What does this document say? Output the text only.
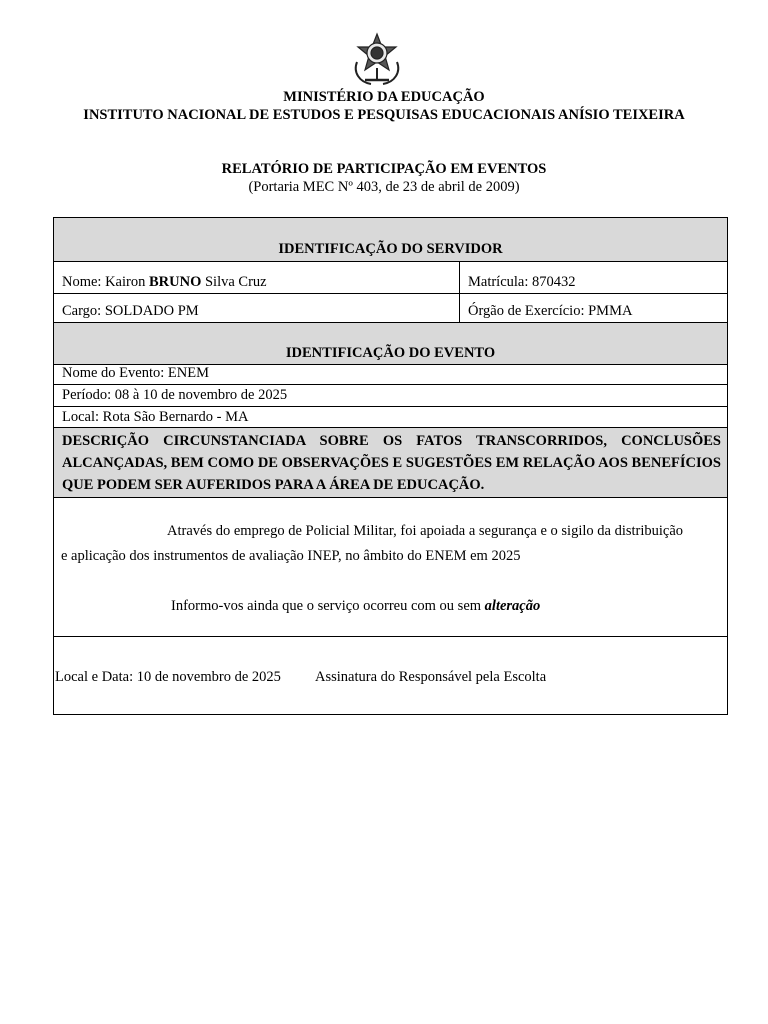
MINISTÉRIO DA EDUCAÇÃO
INSTITUTO NACIONAL DE ESTUDOS E PESQUISAS EDUCACIONAIS ANÍSIO TEIXEIRA
RELATÓRIO DE PARTICIPAÇÃO EM EVENTOS
(Portaria MEC Nº 403, de 23 de abril de 2009)
IDENTIFICAÇÃO DO SERVIDOR
Nome: Kairon BRUNO Silva Cruz	Matrícula: 870432
Cargo: SOLDADO PM	Órgão de Exercício: PMMA
IDENTIFICAÇÃO DO EVENTO
Nome do Evento: ENEM
Período: 08 à 10 de novembro de 2025
Local: Rota São Bernardo - MA
DESCRIÇÃO CIRCUNSTANCIADA SOBRE OS FATOS TRANSCORRIDOS, CONCLUSÕES ALCANÇADAS, BEM COMO DE OBSERVAÇÕES E SUGESTÕES EM RELAÇÃO AOS BENEFÍCIOS QUE PODEM SER AUFERIDOS PARA A ÁREA DE EDUCAÇÃO.
Através do emprego de Policial Militar, foi apoiada a segurança e o sigilo da distribuição
e aplicação dos instrumentos de avaliação INEP, no âmbito do ENEM em 2025
Informo-vos ainda que o serviço ocorreu com ou sem alteração
Local e Data: 10 de novembro de 2025 Assinatura do Responsável pela Escolta
